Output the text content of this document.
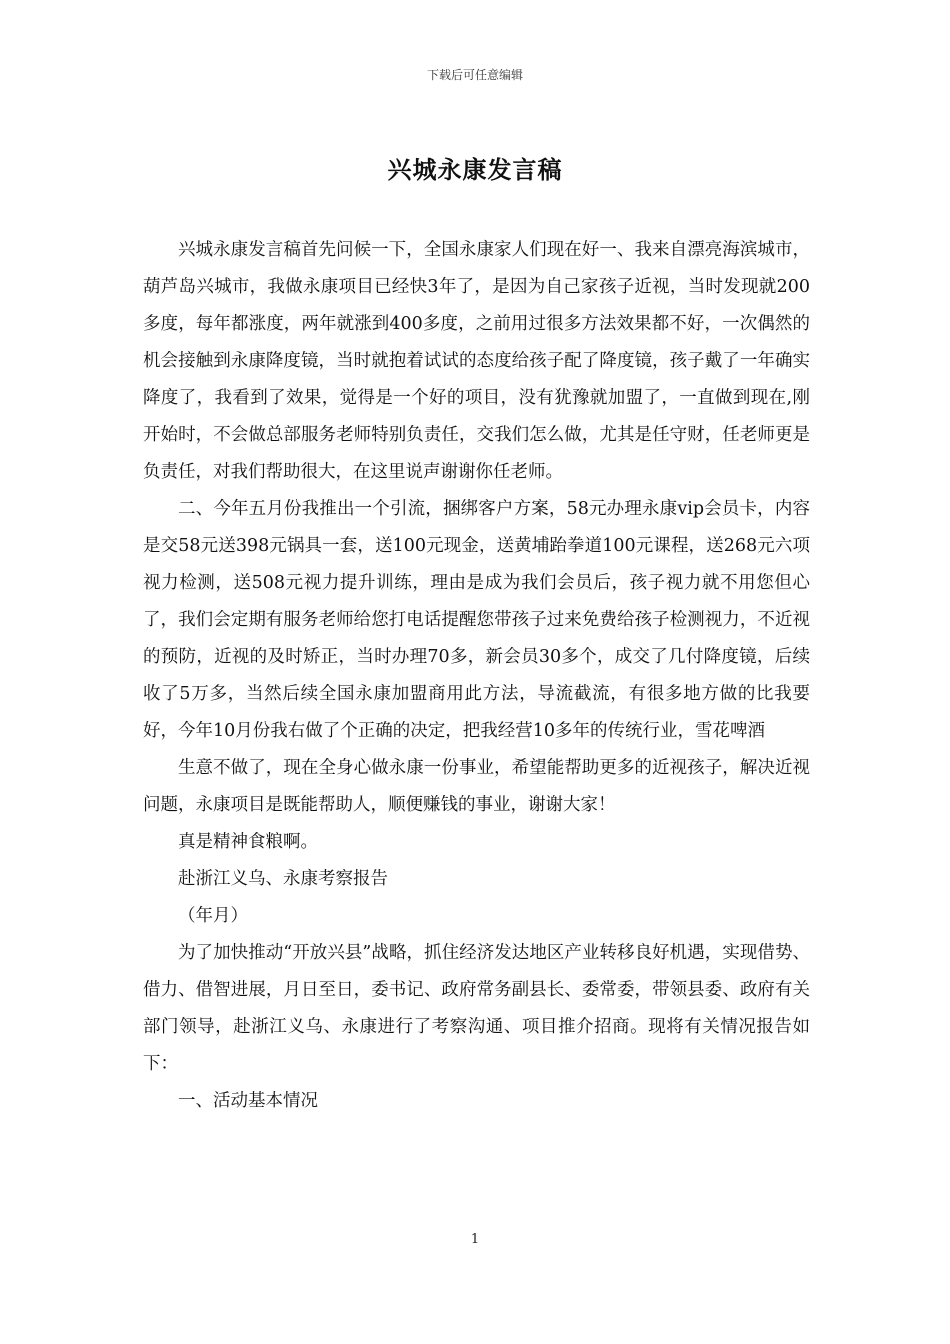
下载后可任意编辑
兴城永康发言稿

兴城永康发言稿首先问候一下，全国永康家人们现在好一、我来自漂亮海滨城市，葫芦岛兴城市，我做永康项目已经快3年了，是因为自己家孩子近视，当时发现就200多度，每年都涨度，两年就涨到400多度，之前用过很多方法效果都不好，一次偶然的机会接触到永康降度镜，当时就抱着试试的态度给孩子配了降度镜，孩子戴了一年确实降度了，我看到了效果，觉得是一个好的项目，没有犹豫就加盟了，一直做到现在,刚开始时，不会做总部服务老师特别负责任，交我们怎么做，尤其是任守财，任老师更是负责任，对我们帮助很大，在这里说声谢谢你任老师。

二、今年五月份我推出一个引流，捆绑客户方案，58元办理永康vip会员卡，内容是交58元送398元锅具一套，送100元现金，送黄埔跆拳道100元课程，送268元六项视力检测，送508元视力提升训练，理由是成为我们会员后，孩子视力就不用您但心了，我们会定期有服务老师给您打电话提醒您带孩子过来免费给孩子检测视力，不近视的预防，近视的及时矫正，当时办理70多，新会员30多个，成交了几付降度镜，后续收了5万多，当然后续全国永康加盟商用此方法，导流截流，有很多地方做的比我要好，今年10月份我右做了个正确的决定，把我经营10多年的传统行业，雪花啤酒

生意不做了，现在全身心做永康一份事业，希望能帮助更多的近视孩子，解决近视问题，永康项目是既能帮助人，顺便赚钱的事业，谢谢大家！

真是精神食粮啊。

赴浙江义乌、永康考察报告

（年月）

为了加快推动“开放兴县”战略，抓住经济发达地区产业转移良好机遇，实现借势、借力、借智进展，月日至日，委书记、政府常务副县长、委常委，带领县委、政府有关部门领导，赴浙江义乌、永康进行了考察沟通、项目推介招商。现将有关情况报告如下：

一、活动基本情况

1
